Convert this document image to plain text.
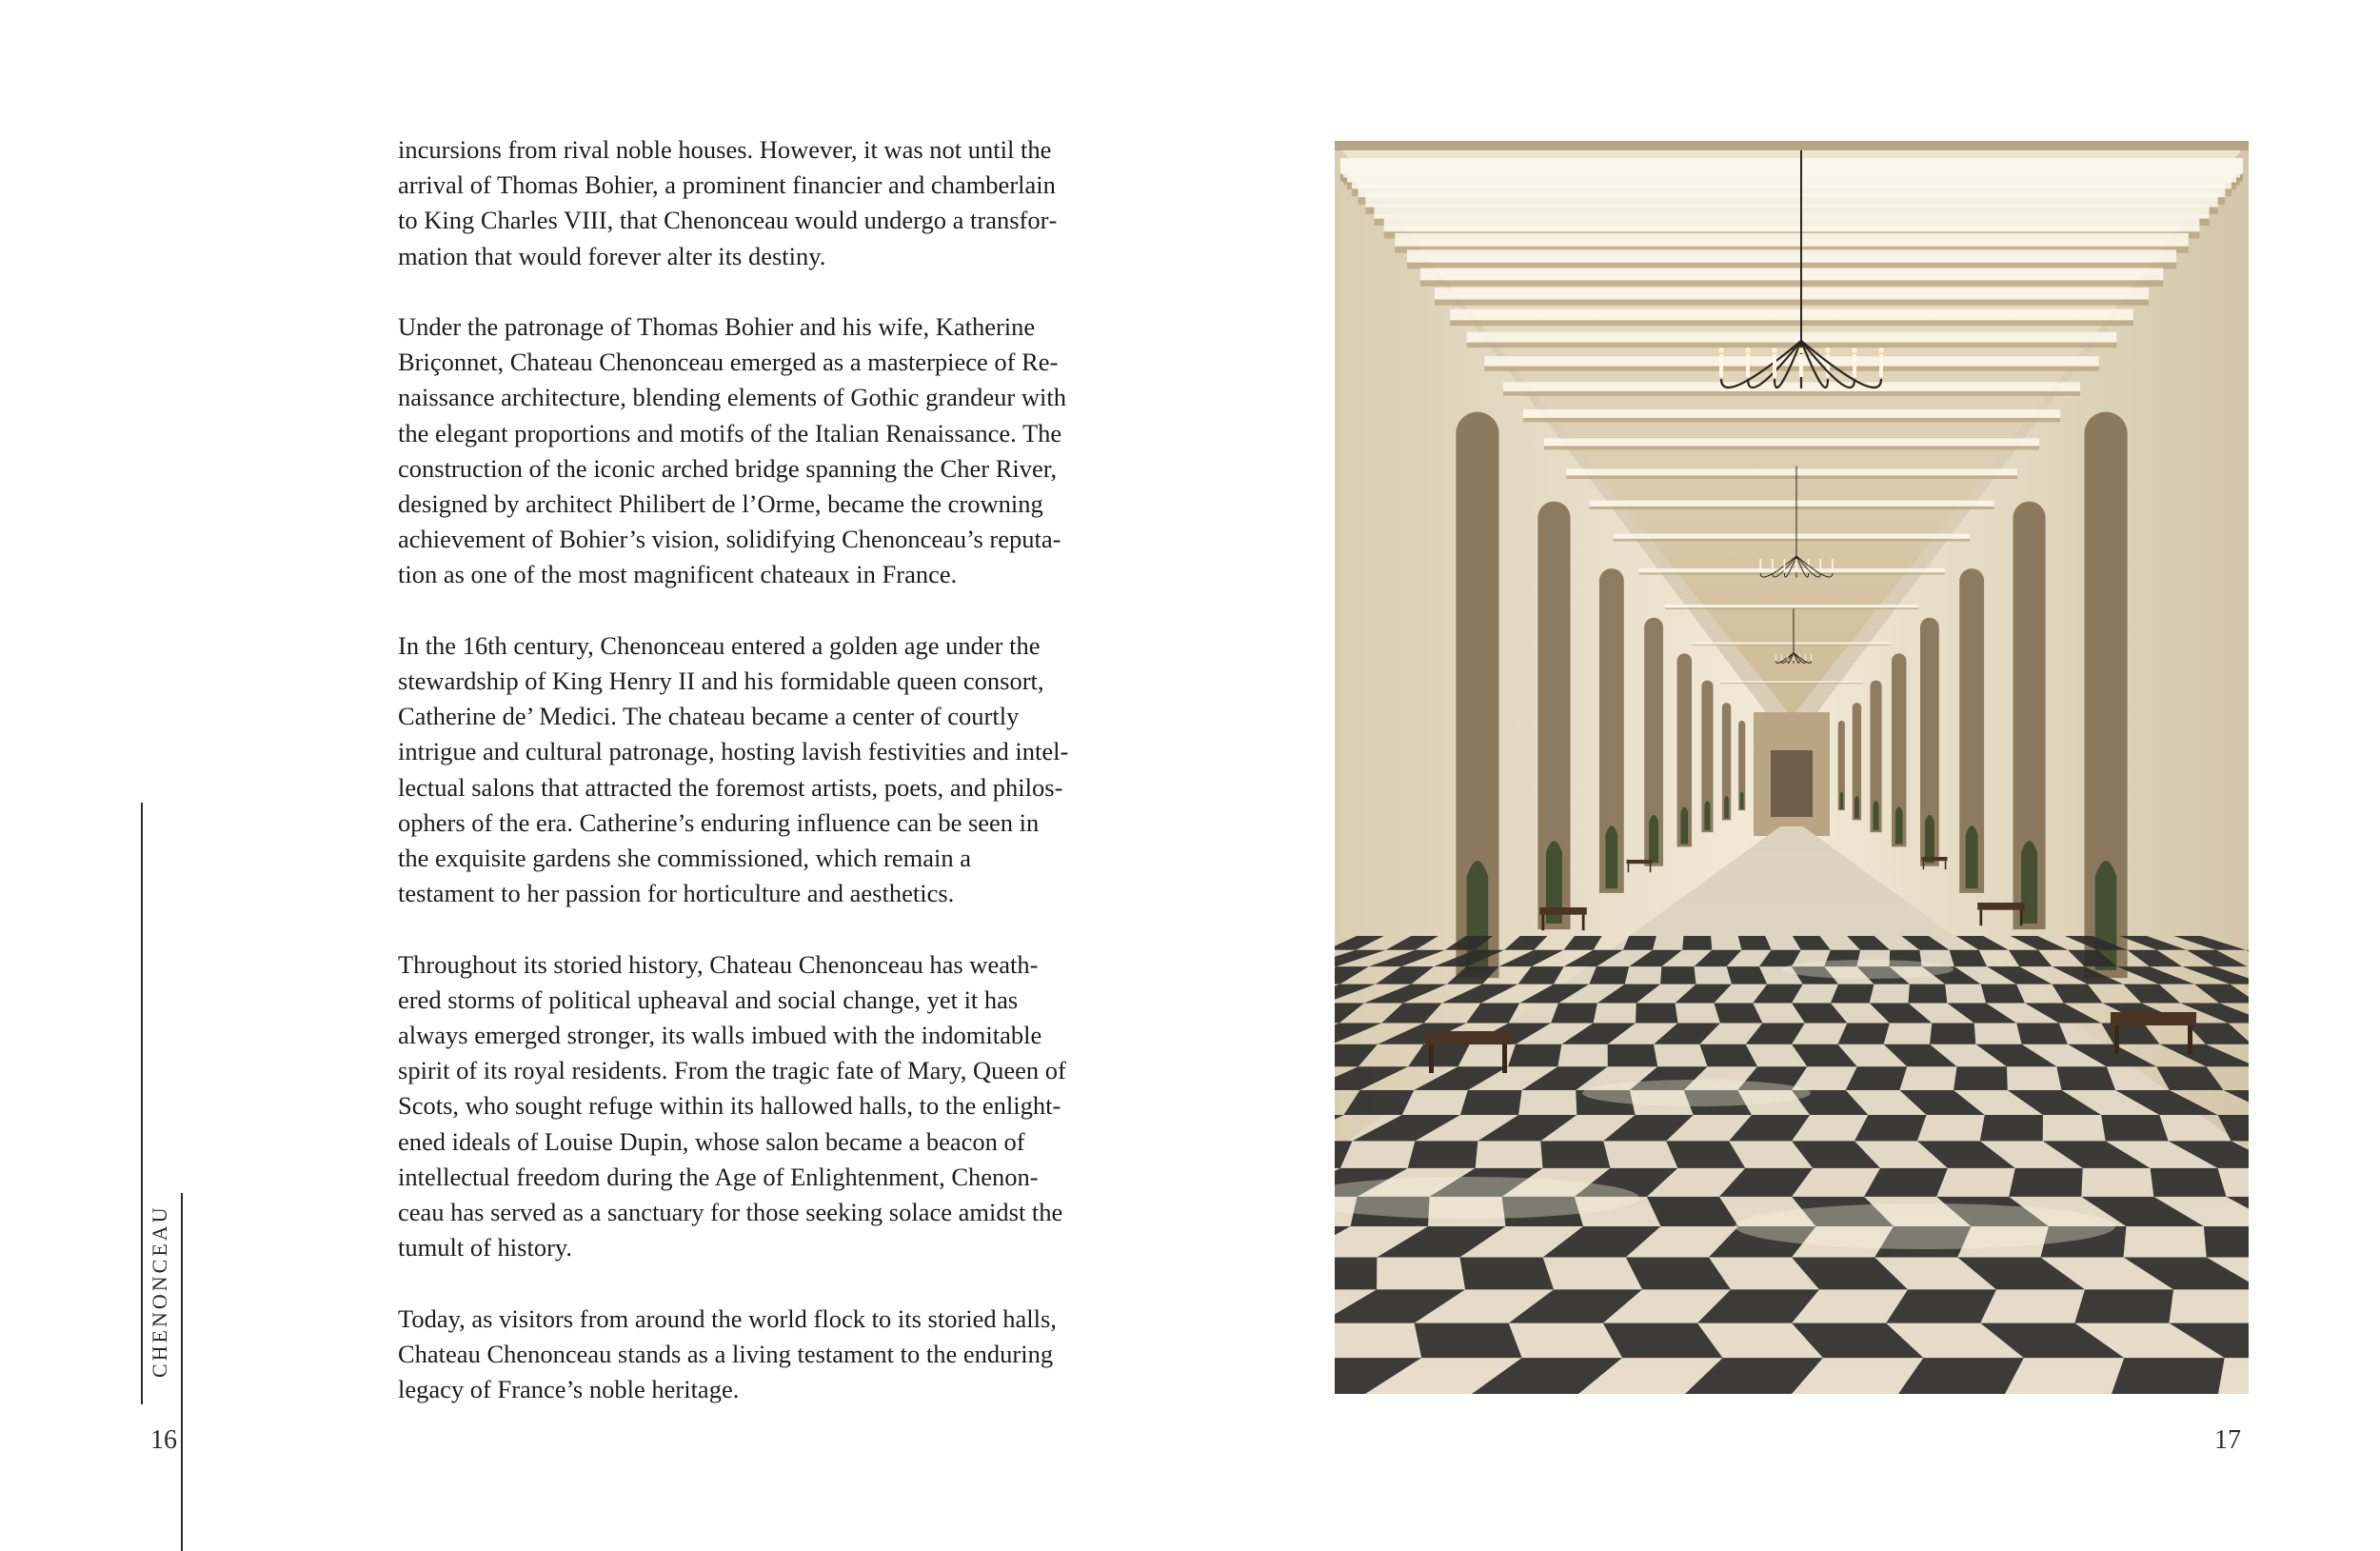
incursions from rival noble houses. However, it was not until the arrival of Thomas Bohier, a prominent financier and chamberlain to King Charles VIII, that Chenonceau would undergo a transformation that would forever alter its destiny.

Under the patronage of Thomas Bohier and his wife, Katherine Briçonnet, Chateau Chenonceau emerged as a masterpiece of Renaissance architecture, blending elements of Gothic grandeur with the elegant proportions and motifs of the Italian Renaissance. The construction of the iconic arched bridge spanning the Cher River, designed by architect Philibert de l’Orme, became the crowning achievement of Bohier’s vision, solidifying Chenonceau’s reputation as one of the most magnificent chateaux in France.

In the 16th century, Chenonceau entered a golden age under the stewardship of King Henry II and his formidable queen consort, Catherine de’ Medici. The chateau became a center of courtly intrigue and cultural patronage, hosting lavish festivities and intellectual salons that attracted the foremost artists, poets, and philosophers of the era. Catherine’s enduring influence can be seen in the exquisite gardens she commissioned, which remain a testament to her passion for horticulture and aesthetics.

Throughout its storied history, Chateau Chenonceau has weathered storms of political upheaval and social change, yet it has always emerged stronger, its walls imbued with the indomitable spirit of its royal residents. From the tragic fate of Mary, Queen of Scots, who sought refuge within its hallowed halls, to the enlightened ideals of Louise Dupin, whose salon became a beacon of intellectual freedom during the Age of Enlightenment, Chenonceau has served as a sanctuary for those seeking solace amidst the tumult of history.

Today, as visitors from around the world flock to its storied halls, Chateau Chenonceau stands as a living testament to the enduring legacy of France’s noble heritage.

CHENONCEAU
16	17
